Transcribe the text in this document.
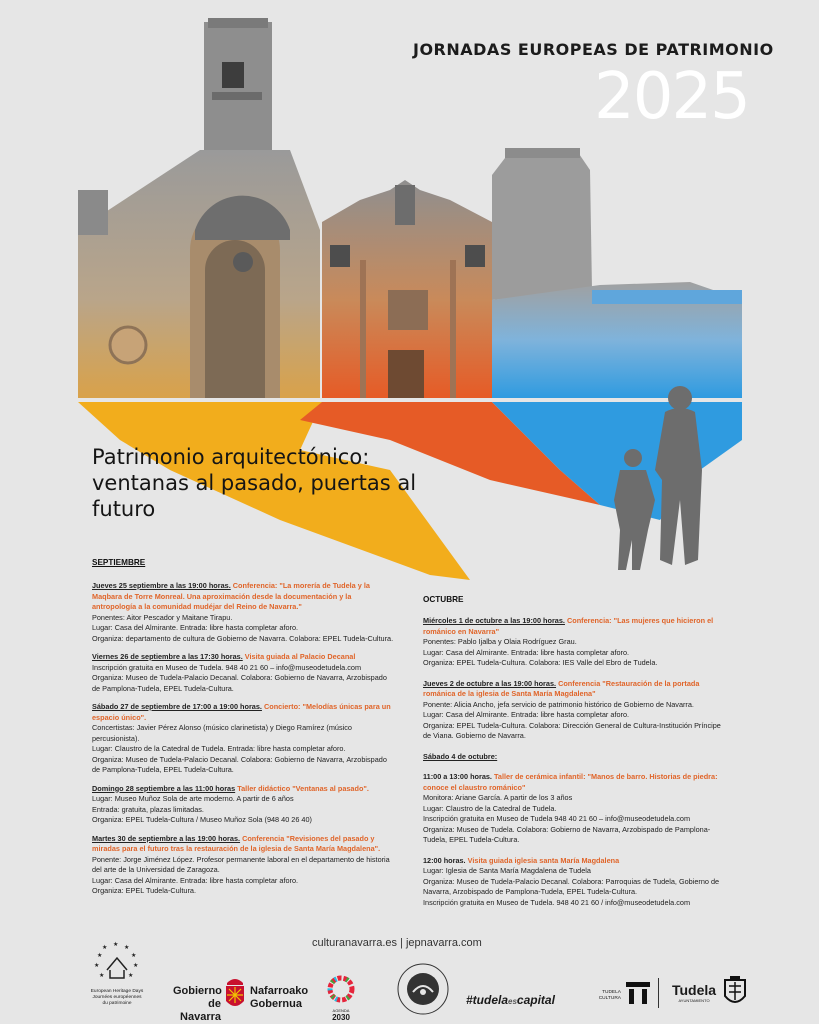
JORNADAS EUROPEAS DE PATRIMONIO
2025
Patrimonio arquitectónico:
ventanas al pasado, puertas al
futuro
SEPTIEMBRE

Jueves 25 septiembre a las 19:00 horas. Conferencia: "La morería de Tudela y la Maqbara de Torre Monreal. Una aproximación desde la documentación y la antropología a la comunidad mudéjar del Reino de Navarra."

Ponentes: Aitor Pescador y Maitane Tirapu.

Lugar: Casa del Almirante. Entrada: libre hasta completar aforo.

Organiza: departamento de cultura de Gobierno de Navarra. Colabora: EPEL Tudela-Cultura.

Viernes 26 de septiembre a las 17:30 horas. Visita guiada al Palacio Decanal

Inscripción gratuita en Museo de Tudela. 948 40 21 60 – info@museodetudela.com

Organiza: Museo de Tudela-Palacio Decanal. Colabora: Gobierno de Navarra, Arzobispado de Pamplona-Tudela, EPEL Tudela-Cultura.

Sábado 27 de septiembre de 17:00 a 19:00 horas. Concierto: "Melodías únicas para un espacio único".

Concertistas: Javier Pérez Alonso (músico clarinetista) y Diego Ramírez (músico percusionista).

Lugar: Claustro de la Catedral de Tudela. Entrada: libre hasta completar aforo.

Organiza: Museo de Tudela-Palacio Decanal. Colabora: Gobierno de Navarra, Arzobispado de Pamplona-Tudela, EPEL Tudela-Cultura.

Domingo 28 septiembre a las 11:00 horas Taller didáctico "Ventanas al pasado".

Lugar: Museo Muñoz Sola de arte moderno. A partir de 6 años

Entrada: gratuita, plazas limitadas.

Organiza: EPEL Tudela-Cultura / Museo Muñoz Sola (948 40 26 40)

Martes 30 de septiembre a las 19:00 horas. Conferencia "Revisiones del pasado y miradas para el futuro tras la restauración de la iglesia de Santa María Magdalena".

Ponente: Jorge Jiménez López. Profesor permanente laboral en el departamento de historia del arte de la Universidad de Zaragoza.

Lugar: Casa del Almirante. Entrada: libre hasta completar aforo.

Organiza: EPEL Tudela-Cultura.

OCTUBRE

Miércoles 1 de octubre a las 19:00 horas. Conferencia: "Las mujeres que hicieron el románico en Navarra"

Ponentes: Pablo Ijalba y Olaia Rodríguez Grau.

Lugar: Casa del Almirante. Entrada: libre hasta completar aforo.

Organiza: EPEL Tudela-Cultura. Colabora: IES Valle del Ebro de Tudela.

Jueves 2 de octubre a las 19:00 horas. Conferencia "Restauración de la portada románica de la iglesia de Santa María Magdalena"

Ponente: Alicia Ancho, jefa servicio de patrimonio histórico de Gobierno de Navarra.

Lugar: Casa del Almirante. Entrada: libre hasta completar aforo.

Organiza: EPEL Tudela-Cultura. Colabora: Dirección General de Cultura-Institución Príncipe de Viana. Gobierno de Navarra.

Sábado 4 de octubre:

11:00 a 13:00 horas. Taller de cerámica infantil: "Manos de barro. Historias de piedra: conoce el claustro románico"

Monitora: Ariane García. A partir de los 3 años

Lugar: Claustro de la Catedral de Tudela.

Inscripción gratuita en Museo de Tudela 948 40 21 60 – info@museodetudela.com

Organiza: Museo de Tudela. Colabora: Gobierno de Navarra, Arzobispado de Pamplona-Tudela, EPEL Tudela-Cultura.

12:00 horas. Visita guiada iglesia santa María Magdalena

Lugar: Iglesia de Santa María Magdalena de Tudela

Organiza: Museo de Tudela-Palacio Decanal. Colabora: Parroquias de Tudela, Gobierno de Navarra, Arzobispado de Pamplona-Tudela, EPEL Tudela-Cultura.

Inscripción gratuita en Museo de Tudela. 948 40 21 60 / info@museodetudela.com

culturanavarra.es | jepnavarra.com
★ ★
★
★
★
★
★
★
★
European Heritage Days
Journées européennes
du patrimoine
Gobierno
de Navarra
Nafarroako
Gobernua
AGENDA
2030
#tudelaescapital
TUDELA
CULTURA
Tudela
AYUNTAMIENTO
